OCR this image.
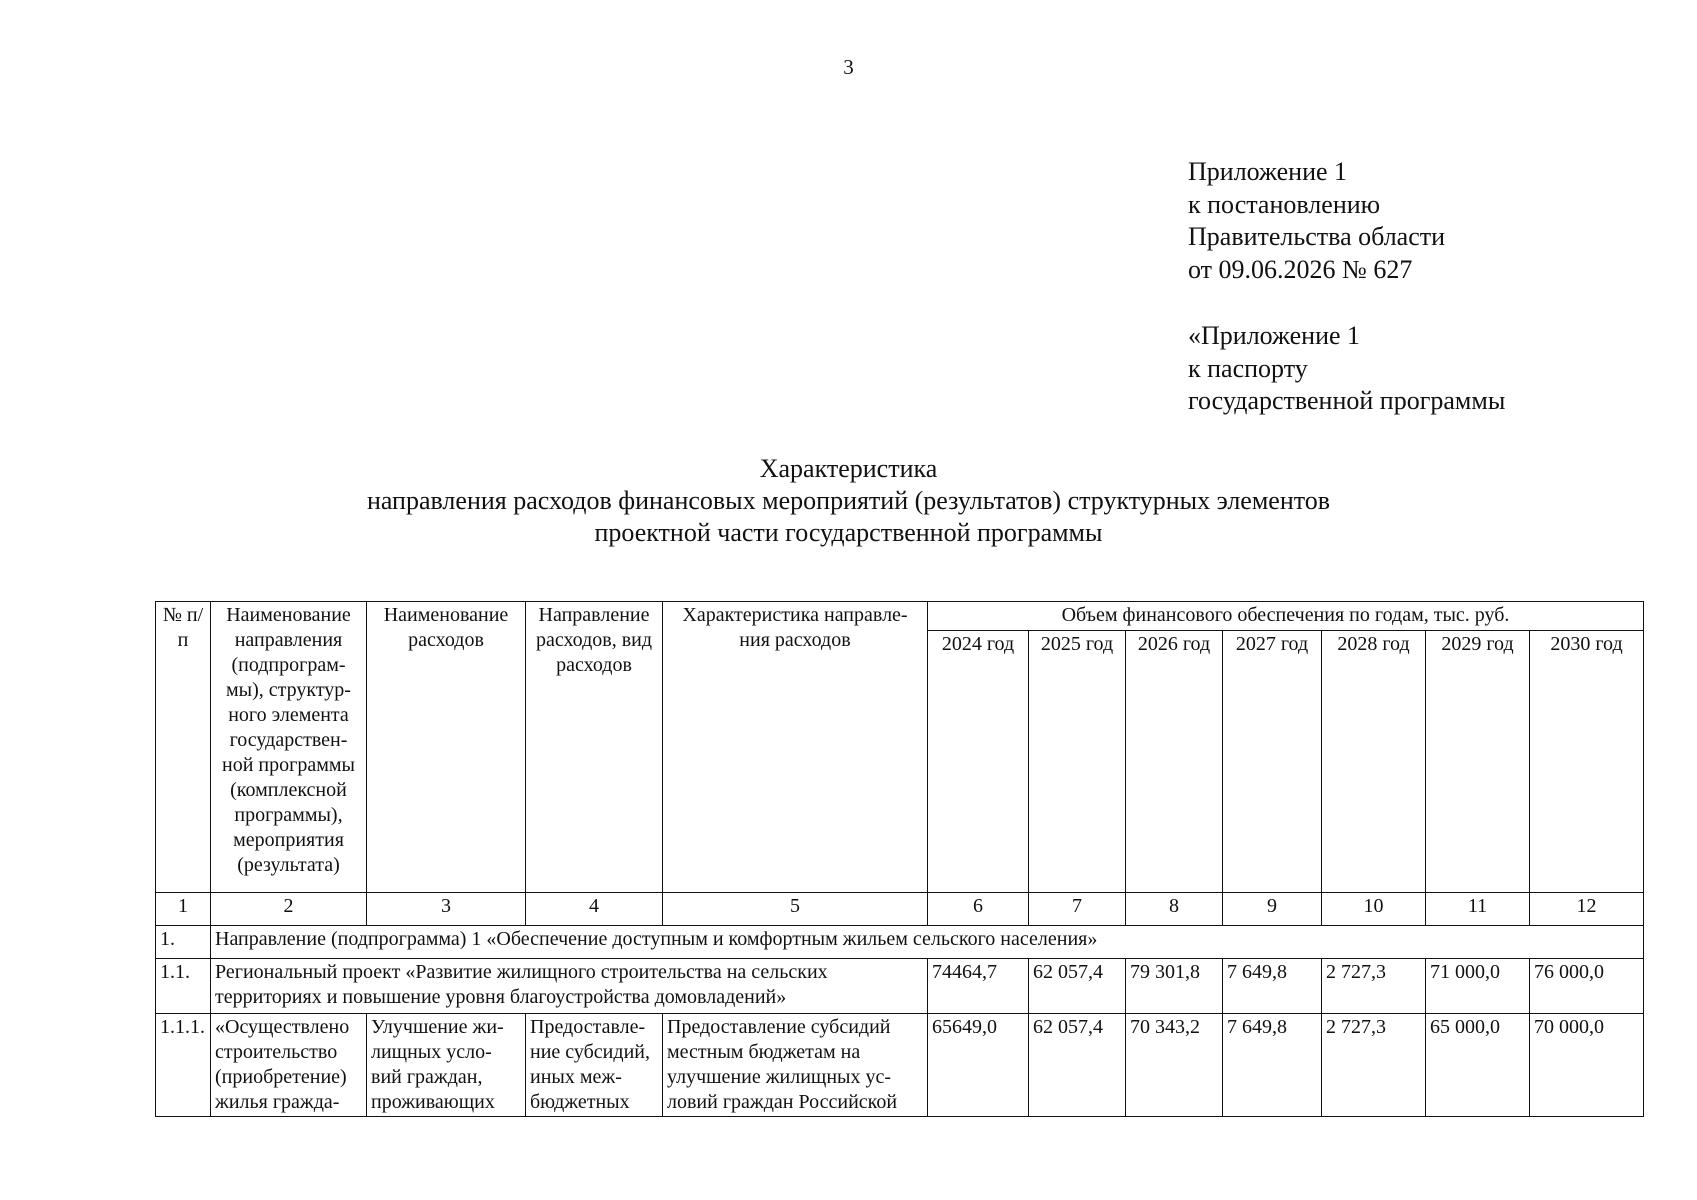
3
Приложение 1
к постановлению
Правительства области
от 09.06.2026 № 627
«Приложение 1
к паспорту
государственной программы
Характеристика
направления расходов финансовых мероприятий (результатов) структурных элементов
проектной части государственной программы
№ п/п	Наименование направления (подпрограм- мы), структур- ного элемента государствен- ной программы (комплексной программы), мероприятия (результата)	Наименование расходов	Направление расходов, вид расходов	Характеристика направле- ния расходов	Объем финансового обеспечения по годам, тыс. руб.						
					2024 год	2025 год	2026 год	2027 год	2028 год	2029 год	2030 год
1	2	3	4	5	6	7	8	9	10	11	12
1.	Направление (подпрограмма) 1 «Обеспечение доступным и комфортным жильем сельского населения»										
1.1.	Региональный проект «Развитие жилищного строительства на сельских территориях и повышение уровня благоустройства домовладений»				74464,7	62 057,4	79 301,8	7 649,8	2 727,3	71 000,0	76 000,0
1.1.1.	«Осуществлено строительство (приобретение) жилья гражда-	Улучшение жи- лищных усло- вий граждан, проживающих	Предоставле- ние субсидий, иных меж- бюджетных	Предоставление субсидий местным бюджетам на улучшение жилищных ус- ловий граждан Российской	65649,0	62 057,4	70 343,2	7 649,8	2 727,3	65 000,0	70 000,0
